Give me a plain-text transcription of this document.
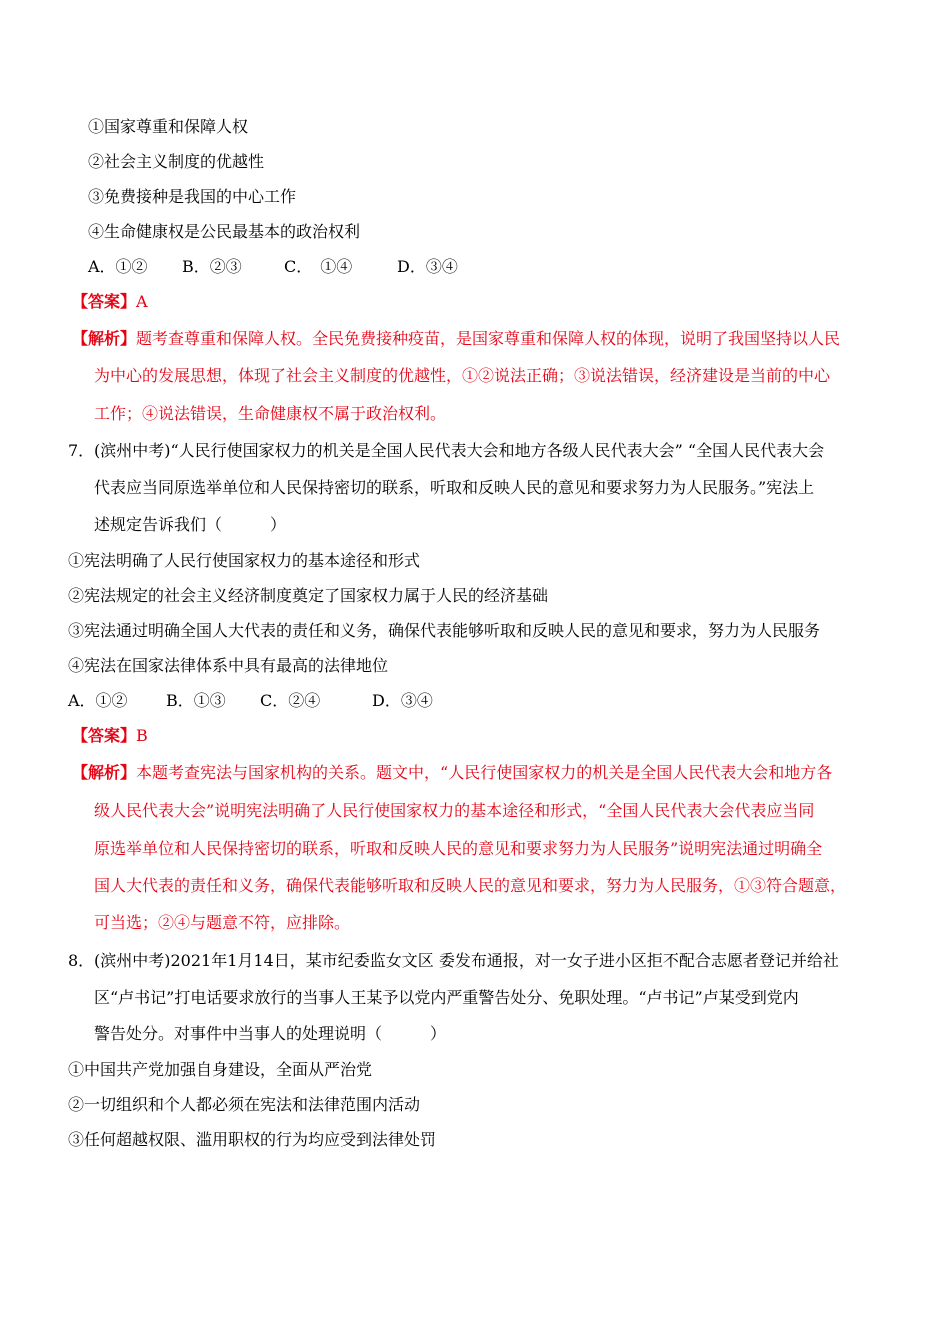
①国家尊重和保障人权
②社会主义制度的优越性
③免费接种是我国的中心工作
④生命健康权是公民最基本的政治权利
A．①② B．②③	C．　①④	D．③④
【答案】A
【解析】题考查尊重和保障人权。全民免费接种疫苗，是国家尊重和保障人权的体现，说明了我国坚持以人民
为中心的发展思想，体现了社会主义制度的优越性，①②说法正确；③说法错误，经济建设是当前的中心
工作；④说法错误，生命健康权不属于政治权利。
7． (滨州中考)“人民行使国家权力的机关是全国人民代表大会和地方各级人民代表大会” “全国人民代表大会
代表应当同原选举单位和人民保持密切的联系，听取和反映人民的意见和要求努力为人民服务。”宪法上
述规定告诉我们（　　　）
①宪法明确了人民行使国家权力的基本途径和形式
②宪法规定的社会主义经济制度奠定了国家权力属于人民的经济基础
③宪法通过明确全国人大代表的责任和义务，确保代表能够听取和反映人民的意见和要求，努力为人民服务
④宪法在国家法律体系中具有最高的法律地位
A．①② B．①③ C．②④	D．③④
【答案】B
【解析】本题考查宪法与国家机构的关系。题文中，“人民行使国家权力的机关是全国人民代表大会和地方各
级人民代表大会”说明宪法明确了人民行使国家权力的基本途径和形式，“全国人民代表大会代表应当同
原选举单位和人民保持密切的联系，听取和反映人民的意见和要求努力为人民服务”说明宪法通过明确全
国人大代表的责任和义务，确保代表能够听取和反映人民的意见和要求，努力为人民服务，①③符合题意，
可当选；②④与题意不符，应排除。
8． (滨州中考)2021年1月14日，某市纪委监女文区 委发布通报，对一女子进小区拒不配合志愿者登记并给社
区“卢书记”打电话要求放行的当事人王某予以党内严重警告处分、免职处理。“卢书记”卢某受到党内
警告处分。对事件中当事人的处理说明（　　　）
①中国共产党加强自身建设，全面从严治党
②一切组织和个人都必须在宪法和法律范围内活动
③任何超越权限、滥用职权的行为均应受到法律处罚
